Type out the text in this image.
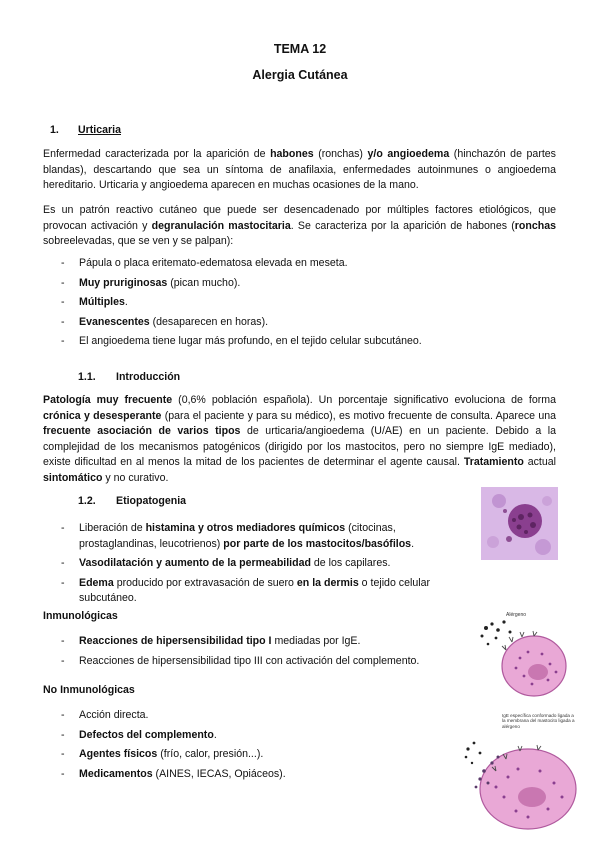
TEMA 12
Alergia Cutánea
1. Urticaria
Enfermedad caracterizada por la aparición de habones (ronchas) y/o angioedema (hinchazón de partes blandas), descartando que sea un síntoma de anafilaxia, enfermedades autoinmunes o angioedema hereditario. Urticaria y angioedema aparecen en muchas ocasiones de la mano.
Es un patrón reactivo cutáneo que puede ser desencadenado por múltiples factores etiológicos, que provocan activación y degranulación mastocitaria. Se caracteriza por la aparición de habones (ronchas sobreelevadas, que se ven y se palpan):
- Pápula o placa eritemato-edematosa elevada en meseta.
- Muy pruriginosas (pican mucho).
- Múltiples.
- Evanescentes (desaparecen en horas).
- El angioedema tiene lugar más profundo, en el tejido celular subcutáneo.
1.1. Introducción
Patología muy frecuente (0,6% población española). Un porcentaje significativo evoluciona de forma crónica y desesperante (para el paciente y para su médico), es motivo frecuente de consulta. Aparece una frecuente asociación de varios tipos de urticaria/angioedema (U/AE) en un paciente. Debido a la complejidad de los mecanismos patogénicos (dirigido por los mastocitos, pero no siempre IgE mediado), existe dificultad en al menos la mitad de los pacientes de determinar el agente causal. Tratamiento actual sintomático y no curativo.
1.2. Etiopatogenia
- Liberación de histamina y otros mediadores químicos (citocinas, prostaglandinas, leucotrienos) por parte de los mastocitos/basófilos.
- Vasodilatación y aumento de la permeabilidad de los capilares.
- Edema producido por extravasación de suero en la dermis o tejido celular subcutáneo.
Inmunológicas
- Reacciones de hipersensibilidad tipo I mediadas por IgE.
- Reacciones de hipersensibilidad tipo III con activación del complemento.
No Inmunológicas
- Acción directa.
- Defectos del complemento.
- Agentes físicos (frío, calor, presión...).
- Medicamentos (AINES, IECAS, Opiáceos).
Alérgeno
IgE específica conformado ligada a la membrana del mastocito ligada a alérgeno
